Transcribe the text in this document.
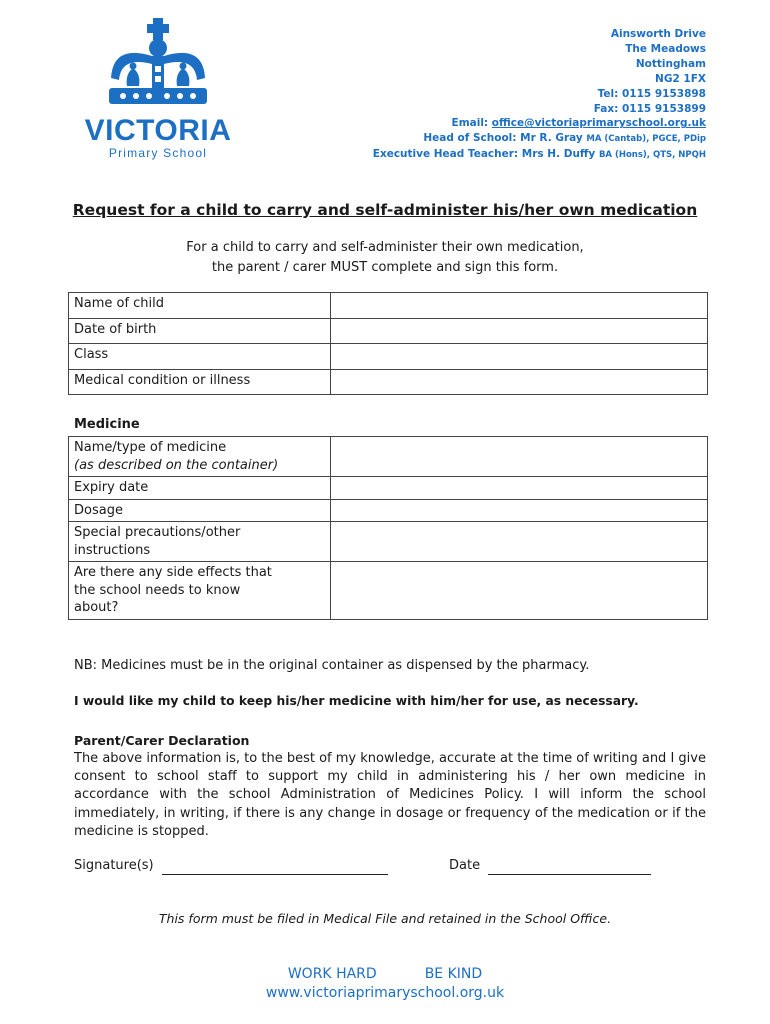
VICTORIA
Primary School
Ainsworth Drive
The Meadows
Nottingham
NG2 1FX
Tel: 0115 9153898
Fax: 0115 9153899
Email: office@victoriaprimaryschool.org.uk
Head of School: Mr R. Gray MA (Cantab), PGCE, PDip
Executive Head Teacher: Mrs H. Duffy BA (Hons), QTS, NPQH
Request for a child to carry and self-administer his/her own medication
For a child to carry and self-administer their own medication,
the parent / carer MUST complete and sign this form.
Name of child	
Date of birth	
Class	
Medical condition or illness	
Medicine
Name/type of medicine
(as described on the container)	

Expiry date	
Dosage	

Special precautions/other
instructions	

Are there any side effects that
the school needs to know
about?	

NB: Medicines must be in the original container as dispensed by the pharmacy.
I would like my child to keep his/her medicine with him/her for use, as necessary.
Parent/Carer Declaration
The above information is, to the best of my knowledge, accurate at the time of writing and I give consent to school staff to support my child in administering his / her own medicine in accordance with the school Administration of Medicines Policy. I will inform the school immediately, in writing, if there is any change in dosage or frequency of the medication or if the medicine is stopped.
Signature(s)	Date
This form must be filed in Medical File and retained in the School Office.
WORK HARD	BE KIND
www.victoriaprimaryschool.org.uk
